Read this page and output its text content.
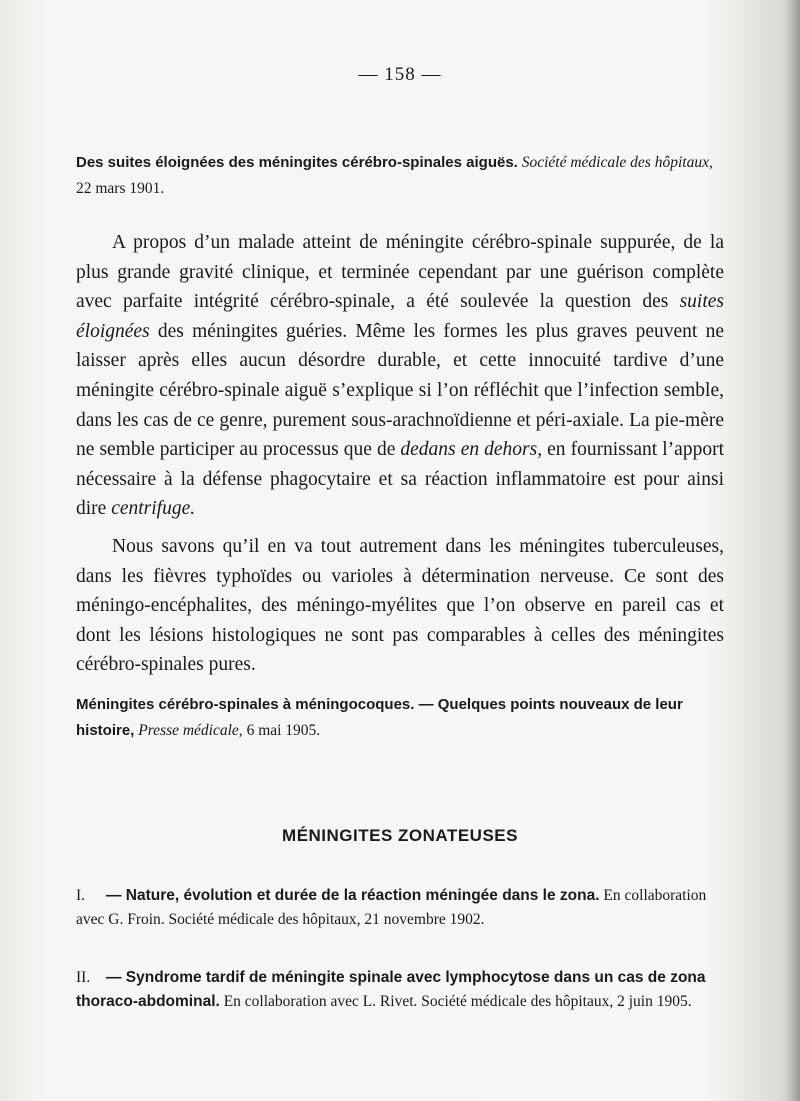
— 158 —
Des suites éloignées des méningites cérébro-spinales aiguës. Société médicale des hôpitaux, 22 mars 1901.

A propos d’un malade atteint de méningite cérébro-spinale suppurée, de la plus grande gravité clinique, et terminée cependant par une guérison complète avec parfaite intégrité cérébro-spinale, a été soulevée la question des suites éloignées des méningites guéries. Même les formes les plus graves peuvent ne laisser après elles aucun désordre durable, et cette innocuité tardive d’une méningite cérébro-spinale aiguë s’explique si l’on réfléchit que l’infection semble, dans les cas de ce genre, purement sous-arachnoïdienne et péri-axiale. La pie-mère ne semble participer au processus que de dedans en dehors, en fournissant l’apport nécessaire à la défense phagocytaire et sa réaction inflammatoire est pour ainsi dire centrifuge.

Nous savons qu’il en va tout autrement dans les méningites tuberculeuses, dans les fièvres typhoïdes ou varioles à détermination nerveuse. Ce sont des méningo-encéphalites, des méningo-myélites que l’on observe en pareil cas et dont les lésions histologiques ne sont pas comparables à celles des méningites cérébro-spinales pures.

Méningites cérébro-spinales à méningocoques. — Quelques points nouveaux de leur histoire, Presse médicale, 6 mai 1905.
MÉNINGITES ZONATEUSES
I. — Nature, évolution et durée de la réaction méningée dans le zona. En collaboration avec G. Froin. Société médicale des hôpitaux, 21 novembre 1902.
II. — Syndrome tardif de méningite spinale avec lymphocytose dans un cas de zona thoraco-abdominal. En collaboration avec L. Rivet. Société médicale des hôpitaux, 2 juin 1905.
